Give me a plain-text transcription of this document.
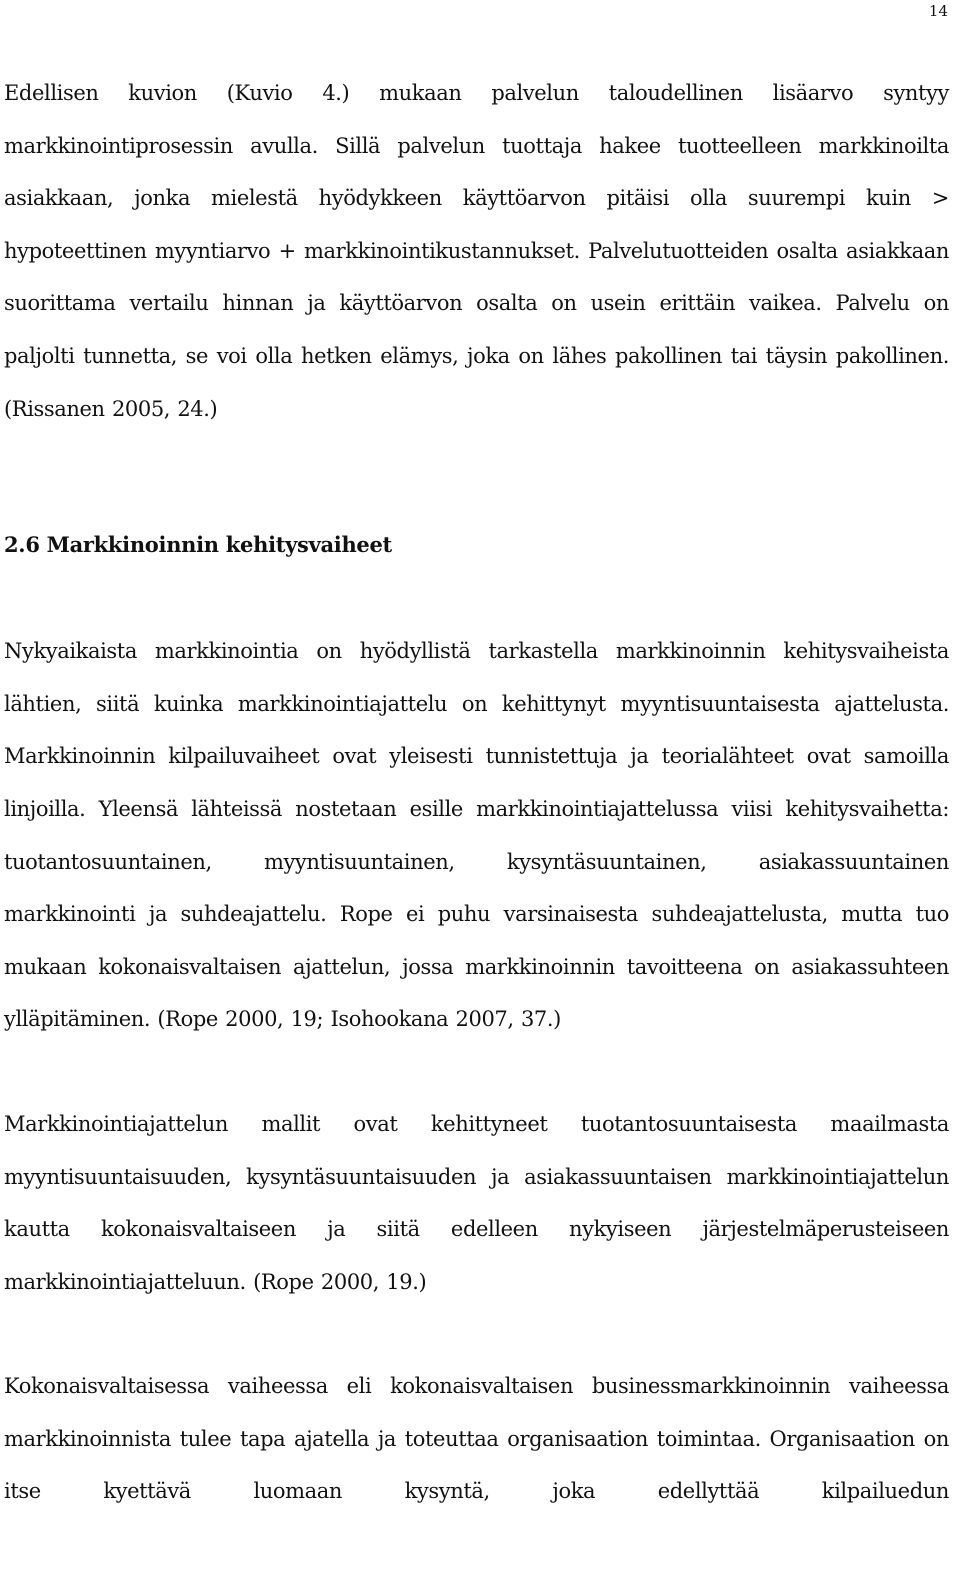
14

Edellisen kuvion (Kuvio 4.) mukaan palvelun taloudellinen lisäarvo syntyy markkinointiprosessin avulla. Sillä palvelun tuottaja hakee tuotteelleen markkinoilta asiakkaan, jonka mielestä hyödykkeen käyttöarvon pitäisi olla suurempi kuin > hypoteettinen myyntiarvo + markkinointikustannukset. Palvelutuotteiden osalta asiakkaan suorittama vertailu hinnan ja käyttöarvon osalta on usein erittäin vaikea. Palvelu on paljolti tunnetta, se voi olla hetken elämys, joka on lähes pakollinen tai täysin pakollinen. (Rissanen 2005, 24.)

2.6 Markkinoinnin kehitysvaiheet

Nykyaikaista markkinointia on hyödyllistä tarkastella markkinoinnin kehitysvaiheista lähtien, siitä kuinka markkinointiajattelu on kehittynyt myyntisuuntaisesta ajattelusta. Markkinoinnin kilpailuvaiheet ovat yleisesti tunnistettuja ja teorialähteet ovat samoilla linjoilla. Yleensä lähteissä nostetaan esille markkinointiajattelussa viisi kehitysvaihetta: tuotantosuuntainen, myyntisuuntainen, kysyntäsuuntainen, asiakassuuntainen markkinointi ja suhdeajattelu. Rope ei puhu varsinaisesta suhdeajattelusta, mutta tuo mukaan kokonaisvaltaisen ajattelun, jossa markkinoinnin tavoitteena on asiakassuhteen ylläpitäminen. (Rope 2000, 19; Isohookana 2007, 37.)

Markkinointiajattelun mallit ovat kehittyneet tuotantosuuntaisesta maailmasta myyntisuuntaisuuden, kysyntäsuuntaisuuden ja asiakassuuntaisen markkinointiajattelun kautta kokonaisvaltaiseen ja siitä edelleen nykyiseen järjestelmäperusteiseen markkinointiajatteluun. (Rope 2000, 19.)

Kokonaisvaltaisessa vaiheessa eli kokonaisvaltaisen businessmarkkinoinnin vaiheessa markkinoinnista tulee tapa ajatella ja toteuttaa organisaation toimintaa. Organisaation on itse kyettävä luomaan kysyntä, joka edellyttää kilpailuedun
